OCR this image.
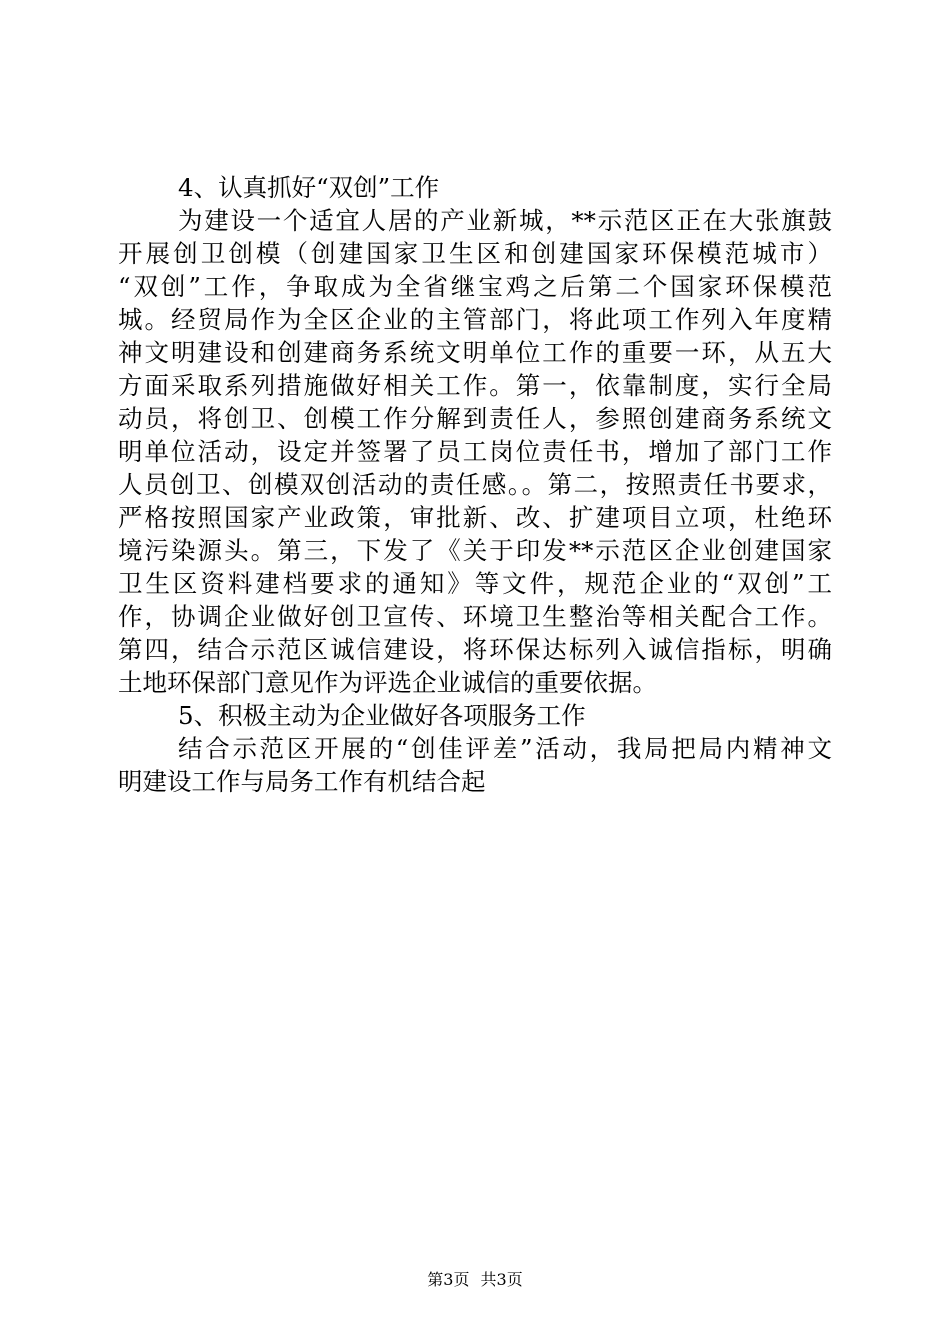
4、认真抓好“双创”工作
为建设一个适宜人居的产业新城，**示范区正在大张旗鼓
开展创卫创模（创建国家卫生区和创建国家环保模范城市）
“双创”工作，争取成为全省继宝鸡之后第二个国家环保模范
城。经贸局作为全区企业的主管部门，将此项工作列入年度精
神文明建设和创建商务系统文明单位工作的重要一环，从五大
方面采取系列措施做好相关工作。第一，依靠制度，实行全局
动员，将创卫、创模工作分解到责任人，参照创建商务系统文
明单位活动，设定并签署了员工岗位责任书，增加了部门工作
人员创卫、创模双创活动的责任感。。第二，按照责任书要求，
严格按照国家产业政策，审批新、改、扩建项目立项，杜绝环
境污染源头。第三，下发了《关于印发**示范区企业创建国家
卫生区资料建档要求的通知》等文件，规范企业的“双创”工
作，协调企业做好创卫宣传、环境卫生整治等相关配合工作。
第四，结合示范区诚信建设，将环保达标列入诚信指标，明确
土地环保部门意见作为评选企业诚信的重要依据。
5、积极主动为企业做好各项服务工作
结合示范区开展的“创佳评差”活动，我局把局内精神文
明建设工作与局务工作有机结合起
第3页 共3页
